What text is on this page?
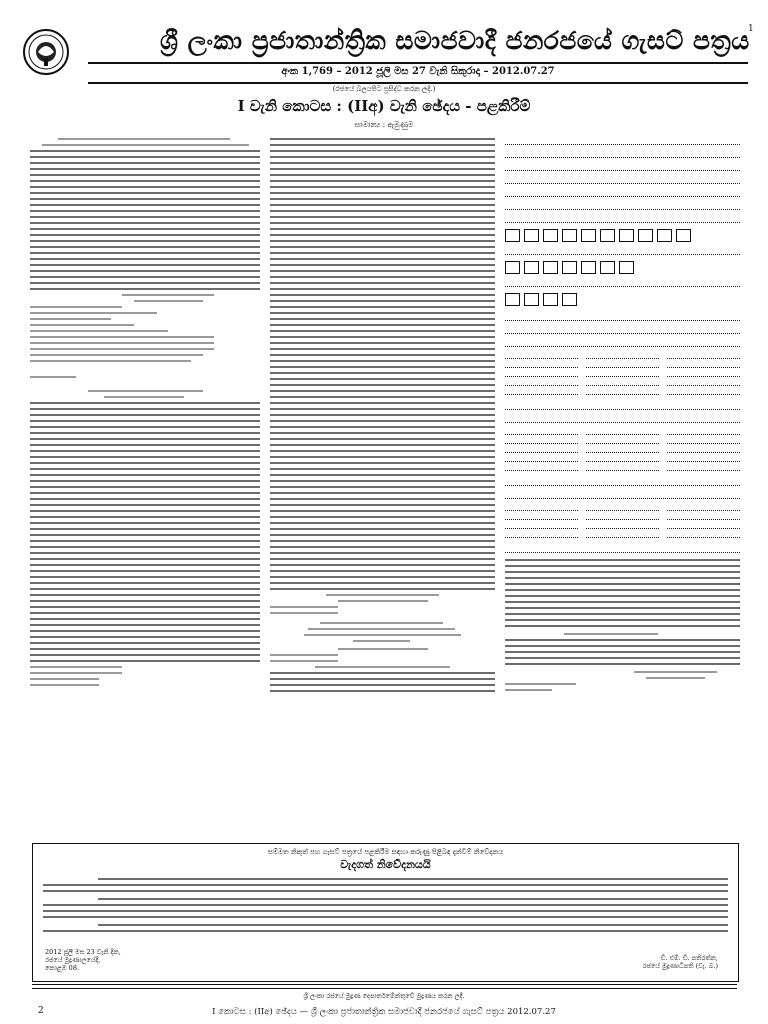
1
ශ්‍රී ලංකා ප්‍රජාතාන්ත්‍රික සමාජවාදී ජනරජයේ ගැසට් පත්‍රය
අංක 1,769 – 2012 ජූලි මස 27 වැනි සිකුරාදා – 2012.07.27
(රජයේ බලයපිට ප්‍රසිද්ධ කරන ලදී.)
I වැනි කොටස : (IIඅ) වැනි ඡේදය - පළකිරීම්
සාමාන්‍ය : ඇමුණුම
සම්මත නිකුත් පහ ගැසට් පත්‍රයේ පළකිරීම සඳහා කරුණු පිළිබඳ දැන්වීම් නිවේදනය
වැදගත් නිවේදනයයි
2012 ජූලි මස 23 වැනි දින,
රජයේ මුද්‍රණාලයේදී,
කොළඹ 08.
ඩී. එම්. ඩී. පතිරත්න,
රජයේ මුද්‍රණාධිපති (වැ. බ.)
ශ්‍රී ලංකා රජයේ මුද්‍රණ දෙපාර්තමේන්තුවේ මුද්‍රණය කරන ලදී.
2	I කොටස : (IIඅ) ඡේදය — ශ්‍රී ලංකා ප්‍රජාතාන්ත්‍රික සමාජවාදී ජනරජයේ ගැසට් පත්‍රය 2012.07.27
